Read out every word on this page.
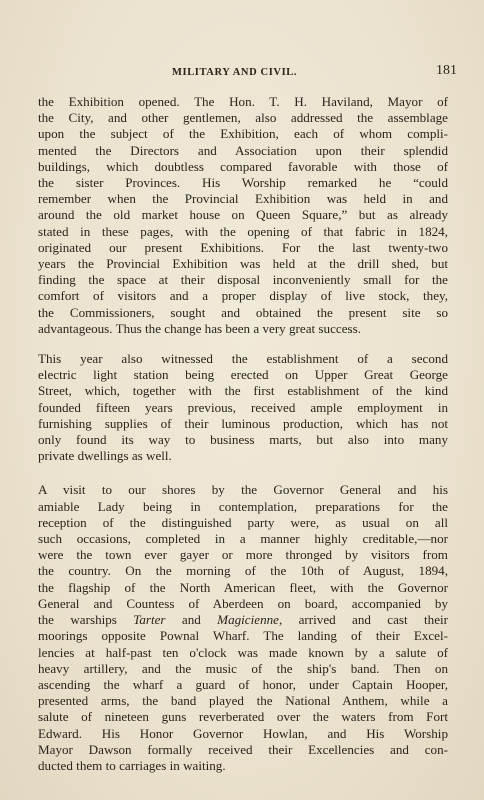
MILITARY AND CIVIL.	181

the Exhibition opened. The Hon. T. H. Haviland, Mayor of
the City, and other gentlemen, also addressed the assemblage
upon the subject of the Exhibition, each of whom compli-
mented the Directors and Association upon their splendid
buildings, which doubtless compared favorable with those of
the sister Provinces. His Worship remarked he “could
remember when the Provincial Exhibition was held in and
around the old market house on Queen Square,” but as already
stated in these pages, with the opening of that fabric in 1824,
originated our present Exhibitions. For the last twenty-two
years the Provincial Exhibition was held at the drill shed, but
finding the space at their disposal inconveniently small for the
comfort of visitors and a proper display of live stock, they,
the Commissioners, sought and obtained the present site so
advantageous. Thus the change has been a very great success.

This year also witnessed the establishment of a second
electric light station being erected on Upper Great George
Street, which, together with the first establishment of the kind
founded fifteen years previous, received ample employment in
furnishing supplies of their luminous production, which has not
only found its way to business marts, but also into many
private dwellings as well.

A visit to our shores by the Governor General and his
amiable Lady being in contemplation, preparations for the
reception of the distinguished party were, as usual on all
such occasions, completed in a manner highly creditable,—nor
were the town ever gayer or more thronged by visitors from
the country. On the morning of the 10th of August, 1894,
the flagship of the North American fleet, with the Governor
General and Countess of Aberdeen on board, accompanied by
the warships Tarter and Magicienne, arrived and cast their
moorings opposite Pownal Wharf. The landing of their Excel-
lencies at half-past ten o'clock was made known by a salute of
heavy artillery, and the music of the ship's band. Then on
ascending the wharf a guard of honor, under Captain Hooper,
presented arms, the band played the National Anthem, while a
salute of nineteen guns reverberated over the waters from Fort
Edward. His Honor Governor Howlan, and His Worship
Mayor Dawson formally received their Excellencies and con-
ducted them to carriages in waiting.
